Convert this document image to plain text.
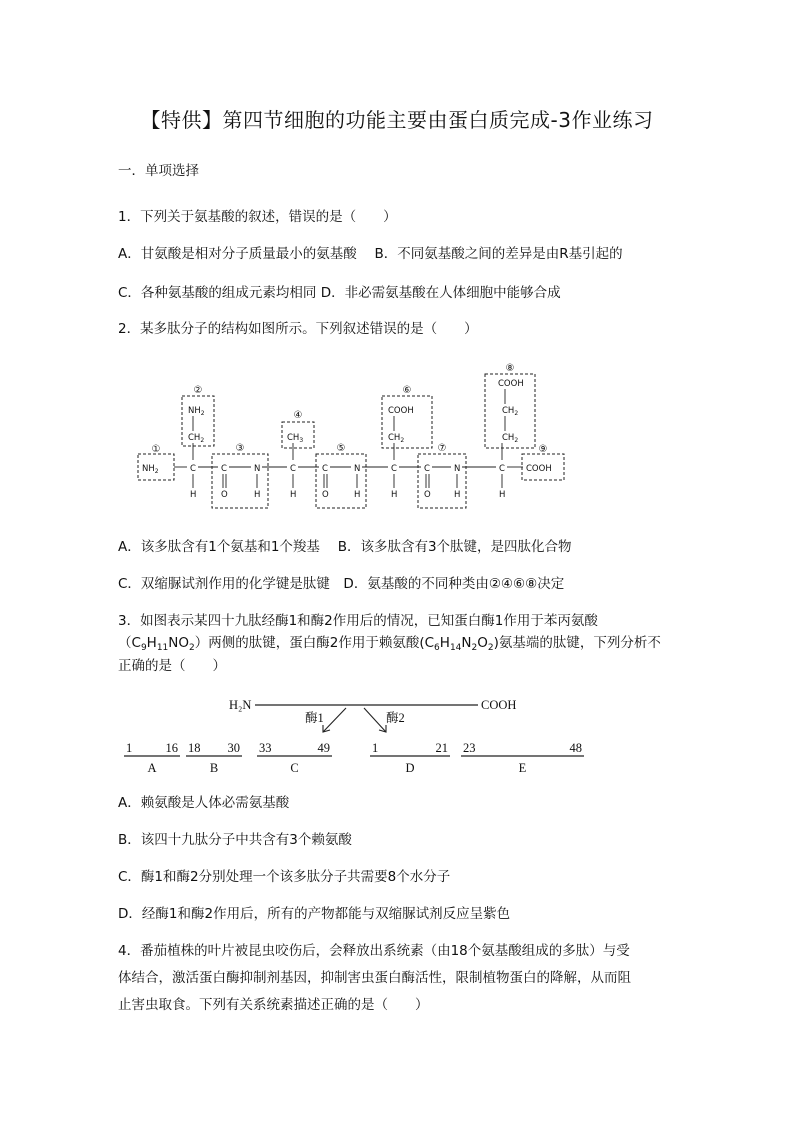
【特供】第四节细胞的功能主要由蛋白质完成-3作业练习
一．单项选择
1．下列关于氨基酸的叙述，错误的是（　　）
A．甘氨酸是相对分子质量最小的氨基酸　 B．不同氨基酸之间的差异是由R基引起的
C．各种氨基酸的组成元素均相同 D．非必需氨基酸在人体细胞中能够合成
2．某多肽分子的结构如图所示。下列叙述错误的是（　　）
①
②
③
④
⑤
⑥
⑦
⑧
⑨
$NH_2$
$CH_2$	$CH_3$
COOH
$CH_2$
COOH
$CH_2$
$CH_2$
$NH_2$	C	C	N	C	C	N	C	C	N	C COOH
H	O	H	H	O	H	H	O	H	H
A．该多肽含有1个氨基和1个羧基　 B．该多肽含有3个肽键，是四肽化合物
C．双缩脲试剂作用的化学键是肽键　D．氨基酸的不同种类由②④⑥⑧决定
3．如图表示某四十九肽经酶1和酶2作用后的情况，已知蛋白酶1作用于苯丙氨酸
$(C_9H_{11}NO_2)$两侧的肽键，蛋白酶2作用于赖氨酸$(C_6H_{14}N_2O_2)$氨基端的肽键，下列分析不
正确的是（　　）
H₂N	COOH
酶1	酶2
1	16
A
18 30
B
33	49
C
1	21
D
23	48
E
A．赖氨酸是人体必需氨基酸
B．该四十九肽分子中共含有3个赖氨酸
C．酶1和酶2分别处理一个该多肽分子共需要8个水分子
D．经酶1和酶2作用后，所有的产物都能与双缩脲试剂反应呈紫色
4．番茄植株的叶片被昆虫咬伤后，会释放出系统素（由18个氨基酸组成的多肽）与受
体结合，激活蛋白酶抑制剂基因，抑制害虫蛋白酶活性，限制植物蛋白的降解，从而阻
止害虫取食。下列有关系统素描述正确的是（　　）
